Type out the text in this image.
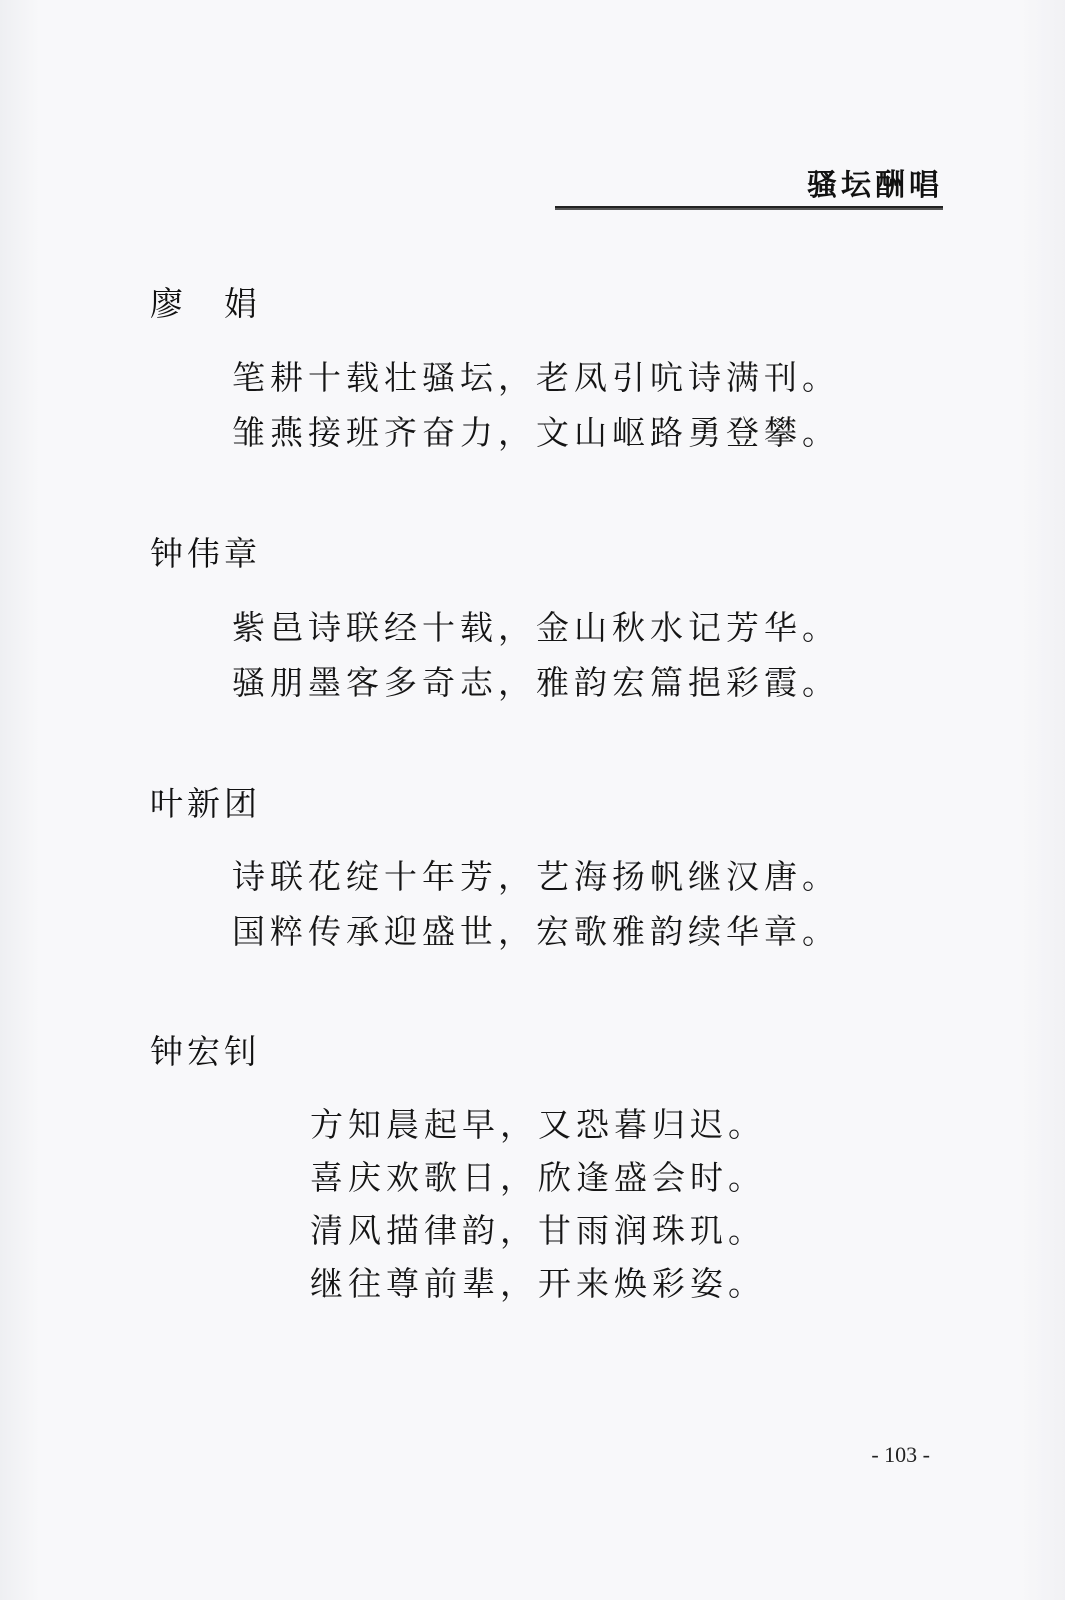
骚坛酬唱
廖　娟
笔耕十载壮骚坛，老凤引吭诗满刊。
雏燕接班齐奋力，文山岖路勇登攀。
钟伟章
紫邑诗联经十载，金山秋水记芳华。
骚朋墨客多奇志，雅韵宏篇挹彩霞。
叶新团
诗联花绽十年芳，艺海扬帆继汉唐。
国粹传承迎盛世，宏歌雅韵续华章。
钟宏钊
方知晨起早，又恐暮归迟。
喜庆欢歌日，欣逢盛会时。
清风描律韵，甘雨润珠玑。
继往尊前辈，开来焕彩姿。
- 103 -
